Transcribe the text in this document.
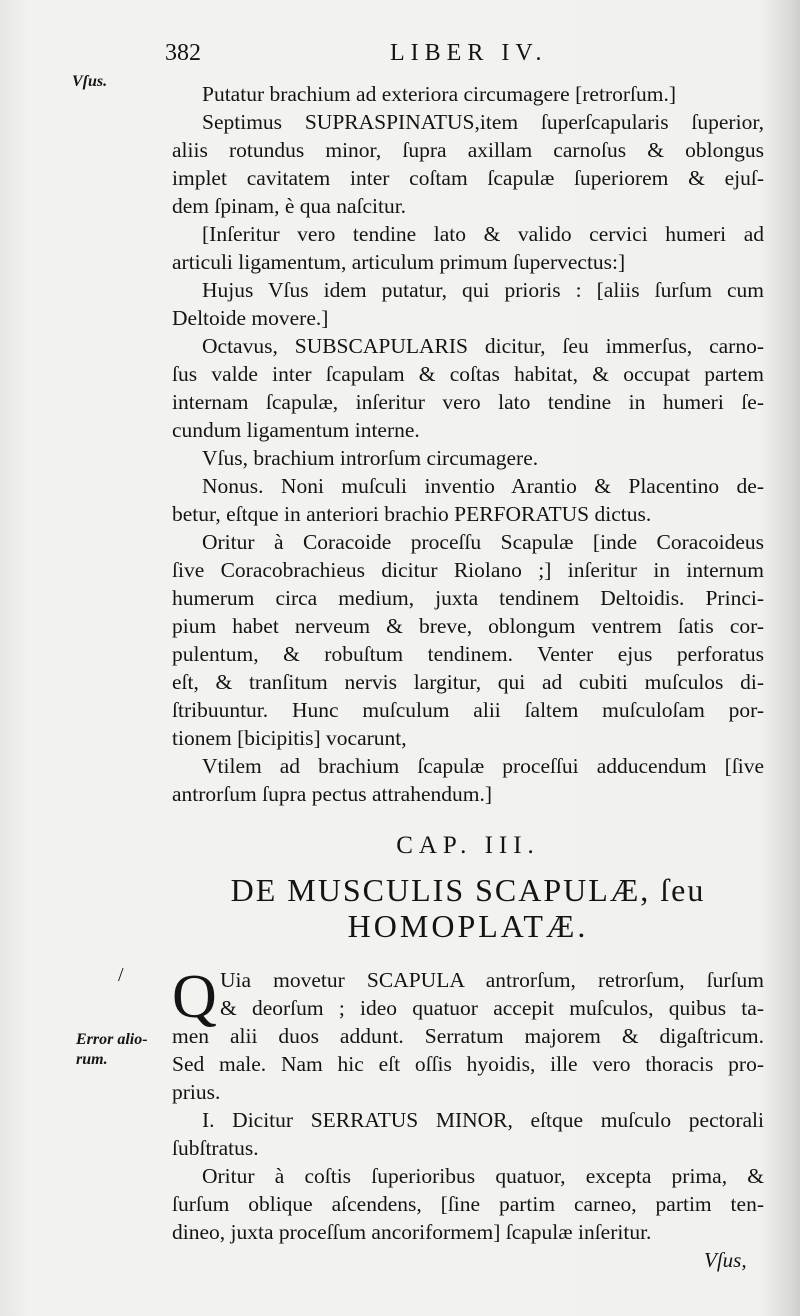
382	LIBER IV.
Vſus.
Putatur brachium ad exteriora circumagere [retrorſum.]
Septimus SUPRASPINATUS,item ſuperſcapularis ſuperior,
aliis rotundus minor, ſupra axillam carnoſus & oblongus
implet cavitatem inter coſtam ſcapulæ ſuperiorem & ejuſ-
dem ſpinam, è qua naſcitur.
[Inſeritur vero tendine lato & valido cervici humeri ad
articuli ligamentum, articulum primum ſupervectus:]
Hujus Vſus idem putatur, qui prioris : [aliis ſurſum cum
Deltoide movere.]
Octavus, SUBSCAPULARIS dicitur, ſeu immerſus, carno-
ſus valde inter ſcapulam & coſtas habitat, & occupat partem
internam ſcapulæ, inſeritur vero lato tendine in humeri ſe-
cundum ligamentum interne.
Vſus, brachium introrſum circumagere.
Nonus. Noni muſculi inventio Arantio & Placentino de-
betur, eſtque in anteriori brachio PERFORATUS dictus.
Oritur à Coracoide proceſſu Scapulæ [inde Coracoideus
ſive Coracobrachieus dicitur Riolano ;] inſeritur in internum
humerum circa medium, juxta tendinem Deltoidis. Princi-
pium habet nerveum & breve, oblongum ventrem ſatis cor-
pulentum, & robuſtum tendinem. Venter ejus perforatus
eſt, & tranſitum nervis largitur, qui ad cubiti muſculos di-
ſtribuuntur. Hunc muſculum alii ſaltem muſculoſam por-
tionem [bicipitis] vocarunt,
Vtilem ad brachium ſcapulæ proceſſui adducendum [ſive
antrorſum ſupra pectus attrahendum.]
CAP. III.
DE MUSCULIS SCAPULÆ, ſeu
HOMOPLATÆ.
/
Error alio-
rum.
Q Uia movetur SCAPULA antrorſum, retrorſum, ſurſum
& deorſum ; ideo quatuor accepit muſculos, quibus ta-
men alii duos addunt. Serratum majorem & digaſtricum.
Sed male. Nam hic eſt oſſis hyoidis, ille vero thoracis pro-
prius.
I. Dicitur SERRATUS MINOR, eſtque muſculo pectorali
ſubſtratus.
Oritur à coſtis ſuperioribus quatuor, excepta prima, &
ſurſum oblique aſcendens, [ſine partim carneo, partim ten-
dineo, juxta proceſſum ancoriformem] ſcapulæ inſeritur.
Vſus,
